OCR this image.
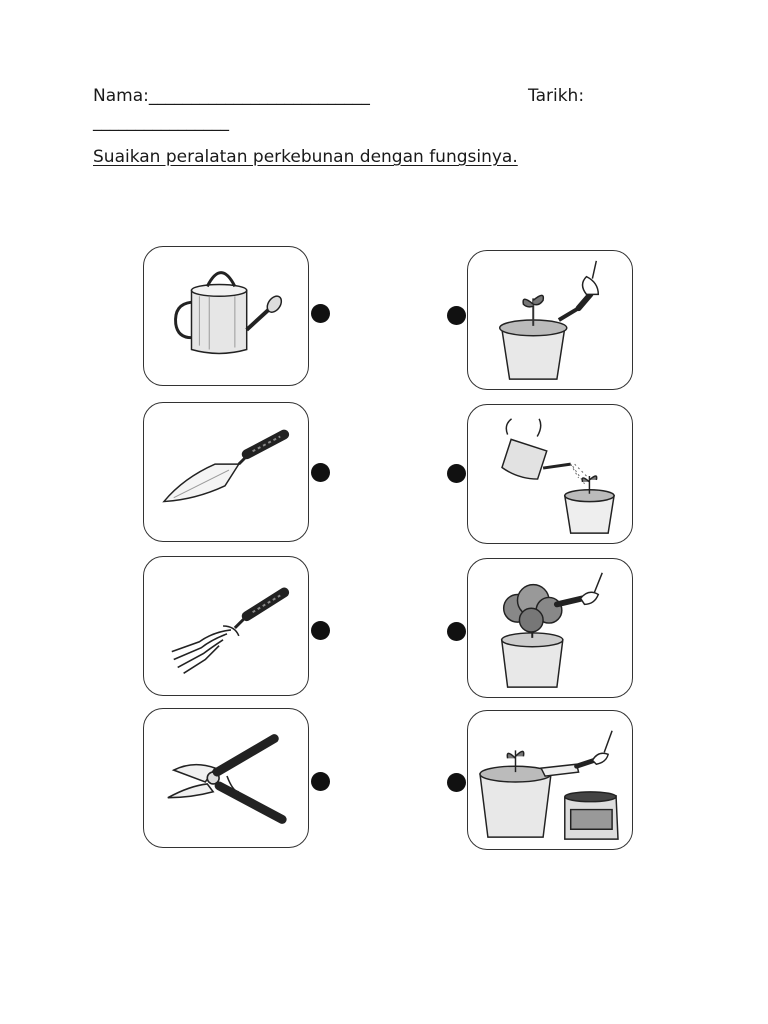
Nama:__________________________	Tarikh:
________________
Suaikan peralatan perkebunan dengan fungsinya.
